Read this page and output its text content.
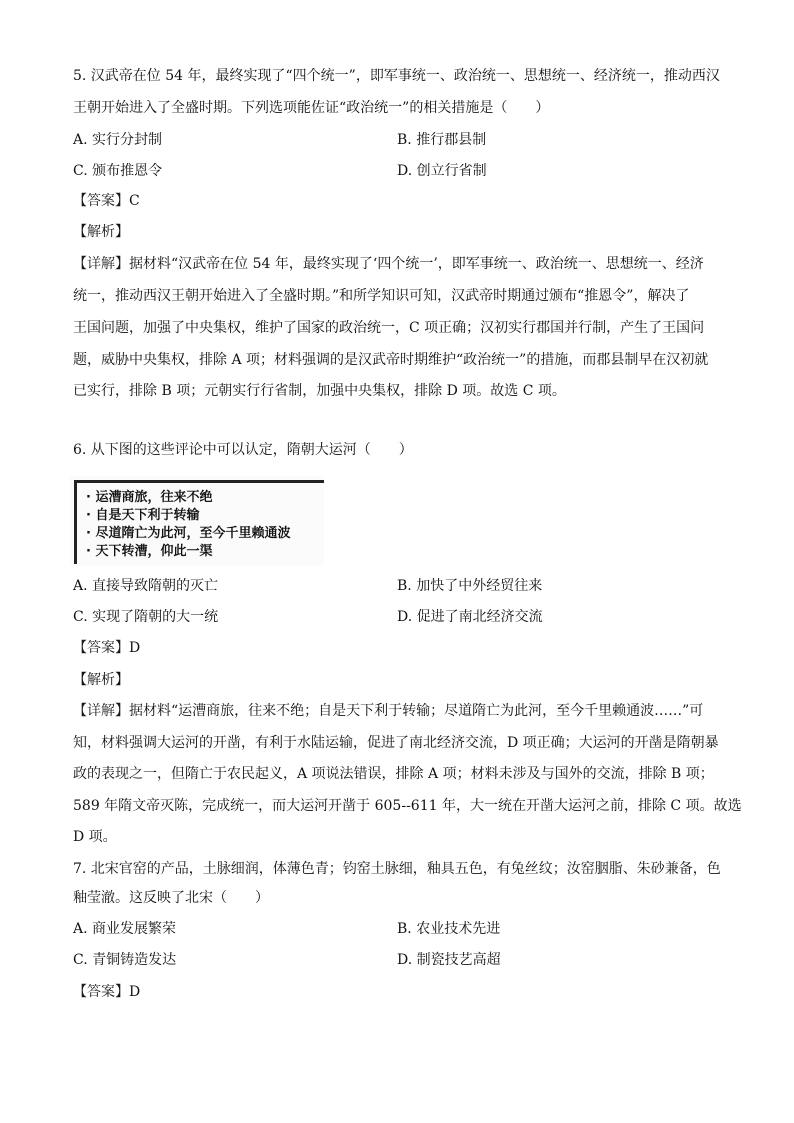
5. 汉武帝在位 54 年，最终实现了“四个统一”，即军事统一、政治统一、思想统一、经济统一，推动西汉
王朝开始进入了全盛时期。下列选项能佐证“政治统一”的相关措施是（　　）
A. 实行分封制	B. 推行郡县制
C. 颁布推恩令	D. 创立行省制
【答案】C
【解析】
【详解】据材料“汉武帝在位 54 年，最终实现了‘四个统一’，即军事统一、政治统一、思想统一、经济
统一，推动西汉王朝开始进入了全盛时期。”和所学知识可知，汉武帝时期通过颁布“推恩令”，解决了
王国问题，加强了中央集权，维护了国家的政治统一，C 项正确；汉初实行郡国并行制，产生了王国问
题，威胁中央集权，排除 A 项；材料强调的是汉武帝时期维护“政治统一”的措施，而郡县制早在汉初就
已实行，排除 B 项；元朝实行行省制，加强中央集权，排除 D 项。故选 C 项。
6. 从下图的这些评论中可以认定，隋朝大运河（　　）
· 运漕商旅，往来不绝
· 自是天下利于转输
· 尽道隋亡为此河，至今千里赖通波
· 天下转漕，仰此一渠
A. 直接导致隋朝的灭亡	B. 加快了中外经贸往来
C. 实现了隋朝的大一统	D. 促进了南北经济交流
【答案】D
【解析】
【详解】据材料“运漕商旅，往来不绝；自是天下利于转输；尽道隋亡为此河，至今千里赖通波……”可
知，材料强调大运河的开凿，有利于水陆运输，促进了南北经济交流，D 项正确；大运河的开凿是隋朝暴
政的表现之一，但隋亡于农民起义，A 项说法错误，排除 A 项；材料未涉及与国外的交流，排除 B 项；
589 年隋文帝灭陈，完成统一，而大运河开凿于 605--611 年，大一统在开凿大运河之前，排除 C 项。故选
D 项。
7. 北宋官窑的产品，土脉细润，体薄色青；钧窑土脉细，釉具五色，有兔丝纹；汝窑胭脂、朱砂兼备，色
釉莹澈。这反映了北宋（　　）
A. 商业发展繁荣	B. 农业技术先进
C. 青铜铸造发达	D. 制瓷技艺高超
【答案】D
